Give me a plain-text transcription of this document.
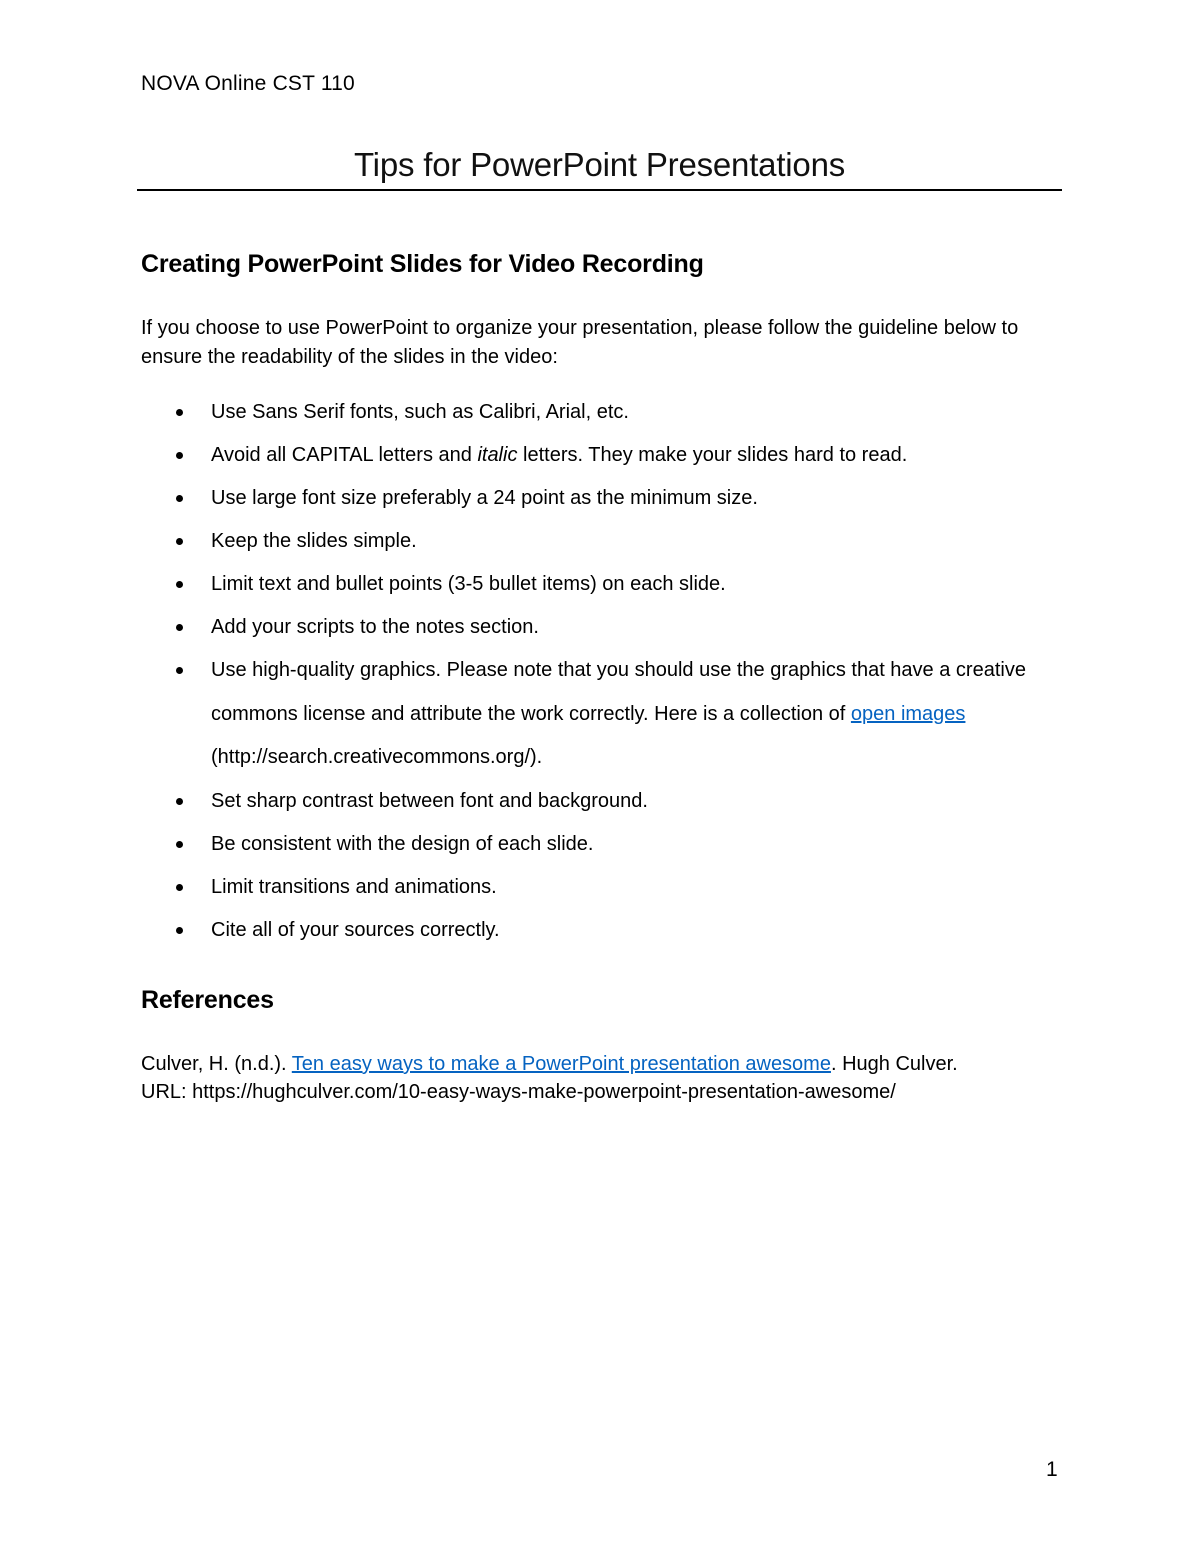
NOVA Online CST 110
Tips for PowerPoint Presentations
Creating PowerPoint Slides for Video Recording
If you choose to use PowerPoint to organize your presentation, please follow the guideline below to ensure the readability of the slides in the video:
Use Sans Serif fonts, such as Calibri, Arial, etc.
Avoid all CAPITAL letters and italic letters. They make your slides hard to read.
Use large font size preferably a 24 point as the minimum size.
Keep the slides simple.
Limit text and bullet points (3-5 bullet items) on each slide.
Add your scripts to the notes section.
Use high-quality graphics. Please note that you should use the graphics that have a creative commons license and attribute the work correctly. Here is a collection of open images (http://search.creativecommons.org/).
Set sharp contrast between font and background.
Be consistent with the design of each slide.
Limit transitions and animations.
Cite all of your sources correctly.
References
Culver, H. (n.d.). Ten easy ways to make a PowerPoint presentation awesome. Hugh Culver.
URL: https://hughculver.com/10-easy-ways-make-powerpoint-presentation-awesome/
1
